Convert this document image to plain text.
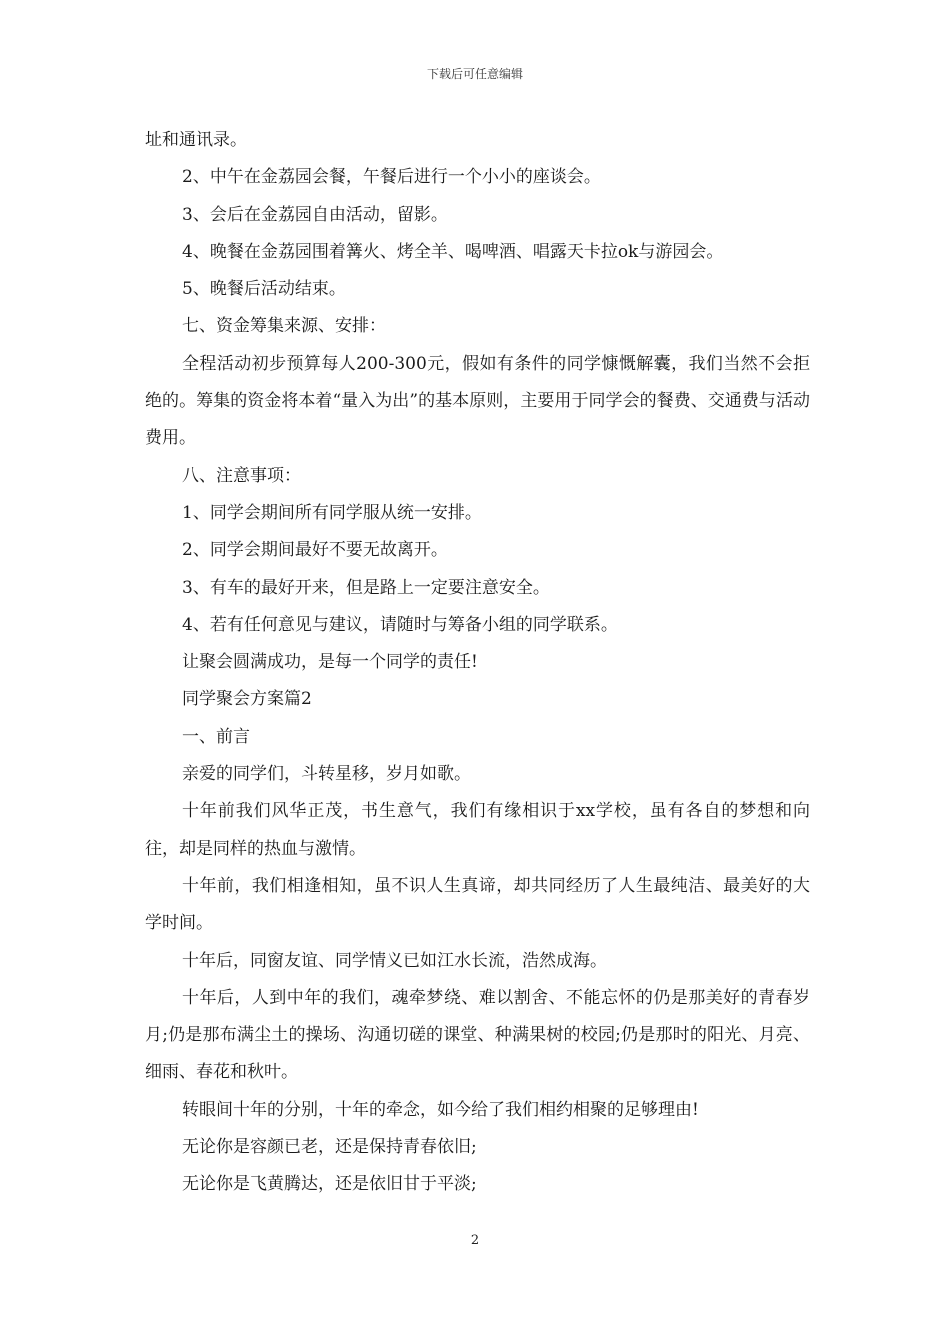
下载后可任意编辑

址和通讯录。

2、中午在金荔园会餐，午餐后进行一个小小的座谈会。

3、会后在金荔园自由活动，留影。

4、晚餐在金荔园围着篝火、烤全羊、喝啤酒、唱露天卡拉ok与游园会。

5、晚餐后活动结束。

七、资金筹集来源、安排：

全程活动初步预算每人200-300元，假如有条件的同学慷慨解囊，我们当然不会拒绝的。筹集的资金将本着“量入为出”的基本原则，主要用于同学会的餐费、交通费与活动费用。

八、注意事项：

1、同学会期间所有同学服从统一安排。

2、同学会期间最好不要无故离开。

3、有车的最好开来，但是路上一定要注意安全。

4、若有任何意见与建议，请随时与筹备小组的同学联系。

让聚会圆满成功，是每一个同学的责任!

同学聚会方案篇2

一、前言

亲爱的同学们，斗转星移，岁月如歌。

十年前我们风华正茂，书生意气，我们有缘相识于xx学校，虽有各自的梦想和向往，却是同样的热血与激情。

十年前，我们相逢相知，虽不识人生真谛，却共同经历了人生最纯洁、最美好的大学时间。

十年后，同窗友谊、同学情义已如江水长流，浩然成海。

十年后，人到中年的我们，魂牵梦绕、难以割舍、不能忘怀的仍是那美好的青春岁月;仍是那布满尘土的操场、沟通切磋的课堂、种满果树的校园;仍是那时的阳光、月亮、细雨、春花和秋叶。

转眼间十年的分别，十年的牵念，如今给了我们相约相聚的足够理由!

无论你是容颜已老，还是保持青春依旧;

无论你是飞黄腾达，还是依旧甘于平淡;

2
